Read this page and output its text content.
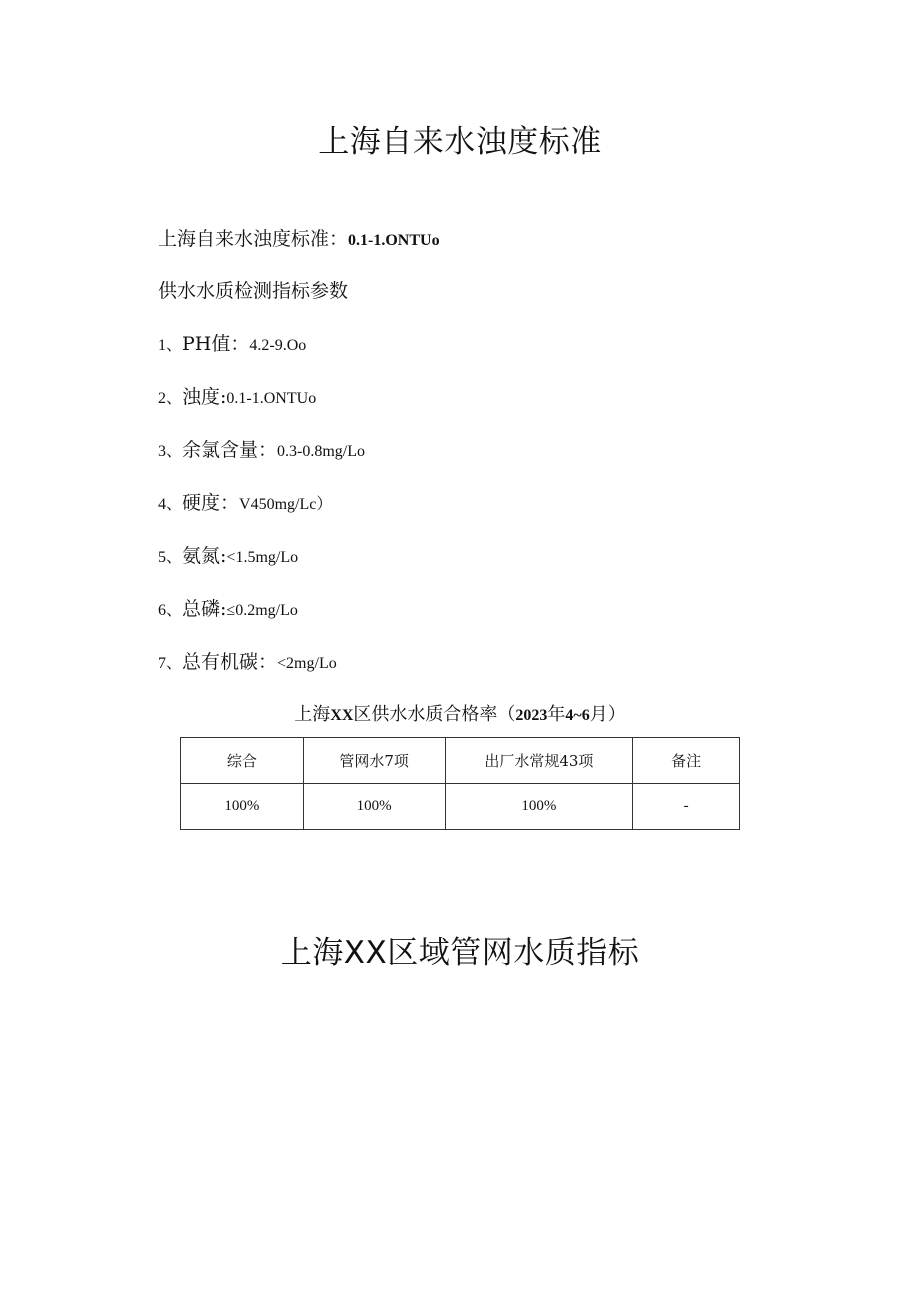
上海自来水浊度标准
上海自来水浊度标准：0.1-1.ONTUo
供水水质检测指标参数
1、PH值：4.2-9.Oo
2、浊度:0.1-1.ONTUo
3、余氯含量：0.3-0.8mg/Lo
4、硬度：V450mg/Lc）
5、氨氮:<1.5mg/Lo
6、总磷:≤0.2mg/Lo
7、总有机碳：<2mg/Lo
上海XX区供水水质合格率（2023年4~6月）
综合	管网水7项	出厂水常规43项	备注
100%	100%	100%	-
上海XX区域管网水质指标
